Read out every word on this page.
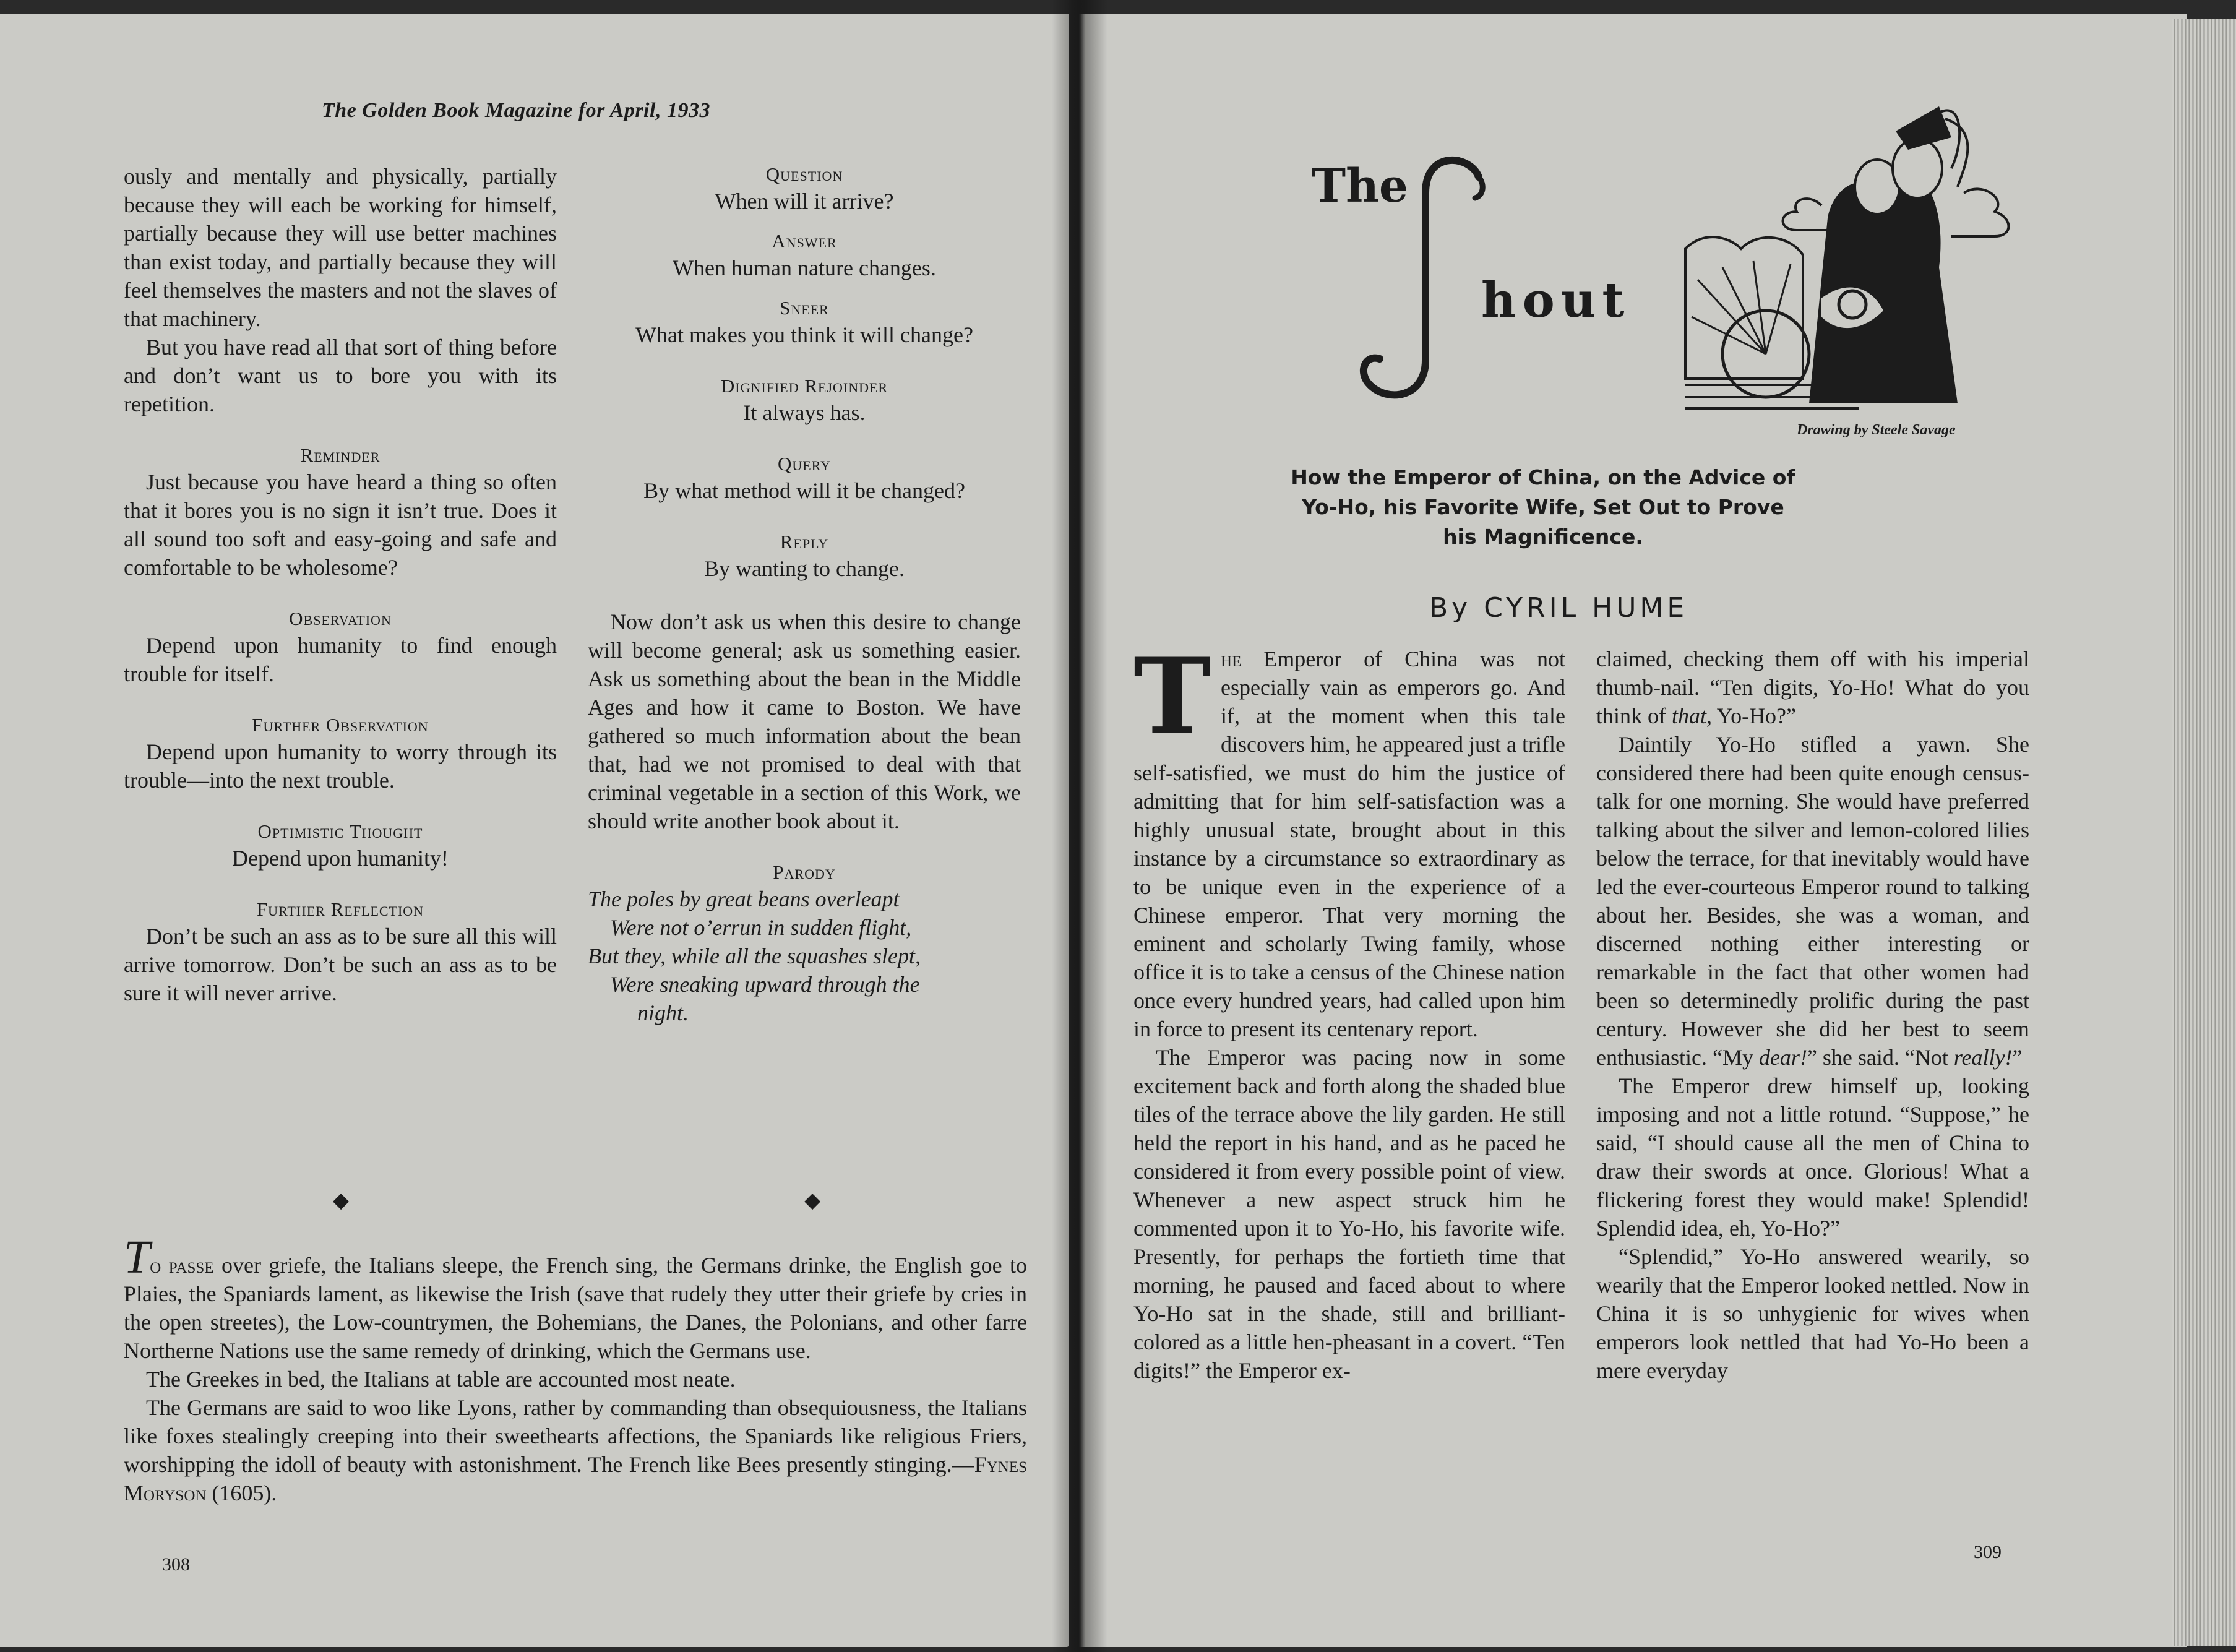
The Golden Book Magazine for April, 1933

ously and mentally and physically, partially because they will each be working for himself, partially because they will use better machines than exist today, and partially because they will feel themselves the masters and not the slaves of that machinery.

But you have read all that sort of thing before and don’t want us to bore you with its repetition.

Reminder

Just because you have heard a thing so often that it bores you is no sign it isn’t true. Does it all sound too soft and easy-going and safe and comfortable to be wholesome?

Observation

Depend upon humanity to find enough trouble for itself.

Further Observation

Depend upon humanity to worry through its trouble—into the next trouble.

Optimistic Thought

Depend upon humanity!

Further Reflection

Don’t be such an ass as to be sure all this will arrive tomorrow. Don’t be such an ass as to be sure it will never arrive.

Question

When will it arrive?

Answer

When human nature changes.

Sneer

What makes you think it will change?

Dignified Rejoinder

It always has.

Query

By what method will it be changed?

Reply

By wanting to change.

Now don’t ask us when this desire to change will become general; ask us something easier. Ask us something about the bean in the Middle Ages and how it came to Boston. We have gathered so much information about the bean that, had we not promised to deal with that criminal vegetable in a section of this Work, we should write another book about it.

Parody

The poles by great beans overleapt

Were not o’errun in sudden flight,

But they, while all the squashes slept,

Were sneaking upward through the

night.

◆	◆

To passe over griefe, the Italians sleepe, the French sing, the Germans drinke, the English goe to Plaies, the Spaniards lament, as likewise the Irish (save that rudely they utter their griefe by cries in the open streetes), the Low-countrymen, the Bohemians, the Danes, the Polonians, and other farre Northerne Nations use the same remedy of drinking, which the Germans use.

The Greekes in bed, the Italians at table are accounted most neate.

The Germans are said to woo like Lyons, rather by commanding than obsequiousness, the Italians like foxes stealingly creeping into their sweethearts affections, the Spaniards like religious Friers, worshipping the idoll of beauty with astonishment. The French like Bees presently stinging.—Fynes Moryson (1605).

308
The
hout
Drawing by Steele Savage
How the Emperor of China, on the Advice of
Yo-Ho, his Favorite Wife, Set Out to Prove
his Magnificence.
By CYRIL HUME

The Emperor of China was not especially vain as emperors go. And if, at the moment when this tale discovers him, he appeared just a trifle self-satisfied, we must do him the justice of admitting that for him self-satisfaction was a highly unusual state, brought about in this instance by a circumstance so extraordinary as to be unique even in the experience of a Chinese emperor. That very morning the eminent and scholarly Twing family, whose office it is to take a census of the Chinese nation once every hundred years, had called upon him in force to present its centenary report.

The Emperor was pacing now in some excitement back and forth along the shaded blue tiles of the terrace above the lily garden. He still held the report in his hand, and as he paced he considered it from every possible point of view. Whenever a new aspect struck him he commented upon it to Yo-Ho, his favorite wife. Presently, for perhaps the fortieth time that morning, he paused and faced about to where Yo-Ho sat in the shade, still and brilliant-colored as a little hen-pheasant in a covert. “Ten digits!” the Emperor ex-

claimed, checking them off with his imperial thumb-nail. “Ten digits, Yo-Ho! What do you think of that, Yo-Ho?”

Daintily Yo-Ho stifled a yawn. She considered there had been quite enough census-talk for one morning. She would have preferred talking about the silver and lemon-colored lilies below the terrace, for that inevitably would have led the ever-courteous Emperor round to talking about her. Besides, she was a woman, and discerned nothing either interesting or remarkable in the fact that other women had been so determinedly prolific during the past century. However she did her best to seem enthusiastic. “My dear!” she said. “Not really!”

The Emperor drew himself up, looking imposing and not a little rotund. “Suppose,” he said, “I should cause all the men of China to draw their swords at once. Glorious! What a flickering forest they would make! Splendid! Splendid idea, eh, Yo-Ho?”

“Splendid,” Yo-Ho answered wearily, so wearily that the Emperor looked nettled. Now in China it is so unhygienic for wives when emperors look nettled that had Yo-Ho been a mere everyday

309
